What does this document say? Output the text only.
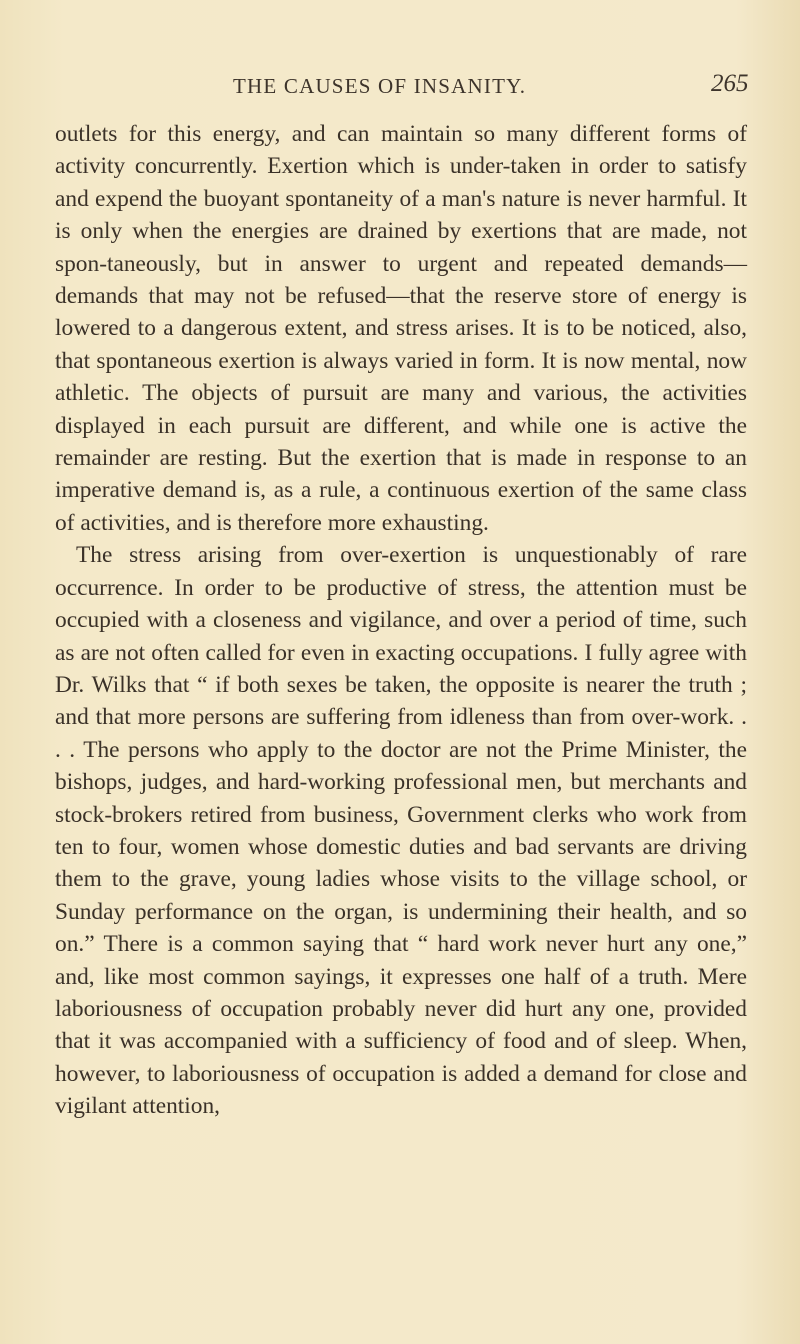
THE CAUSES OF INSANITY.	265

outlets for this energy, and can maintain so many different forms of activity concurrently. Exertion which is under-taken in order to satisfy and expend the buoyant spontaneity of a man's nature is never harmful. It is only when the energies are drained by exertions that are made, not spon-taneously, but in answer to urgent and repeated demands— demands that may not be refused—that the reserve store of energy is lowered to a dangerous extent, and stress arises. It is to be noticed, also, that spontaneous exertion is always varied in form. It is now mental, now athletic. The objects of pursuit are many and various, the activities displayed in each pursuit are different, and while one is active the remainder are resting. But the exertion that is made in response to an imperative demand is, as a rule, a continuous exertion of the same class of activities, and is therefore more exhausting.

The stress arising from over-exertion is unquestionably of rare occurrence. In order to be productive of stress, the attention must be occupied with a closeness and vigilance, and over a period of time, such as are not often called for even in exacting occupations. I fully agree with Dr. Wilks that “ if both sexes be taken, the opposite is nearer the truth ; and that more persons are suffering from idleness than from over-work. . . . The persons who apply to the doctor are not the Prime Minister, the bishops, judges, and hard-working professional men, but merchants and stock-brokers retired from business, Government clerks who work from ten to four, women whose domestic duties and bad servants are driving them to the grave, young ladies whose visits to the village school, or Sunday performance on the organ, is undermining their health, and so on.” There is a common saying that “ hard work never hurt any one,” and, like most common sayings, it expresses one half of a truth. Mere laboriousness of occupation probably never did hurt any one, provided that it was accompanied with a sufficiency of food and of sleep. When, however, to laboriousness of occupation is added a demand for close and vigilant attention,
